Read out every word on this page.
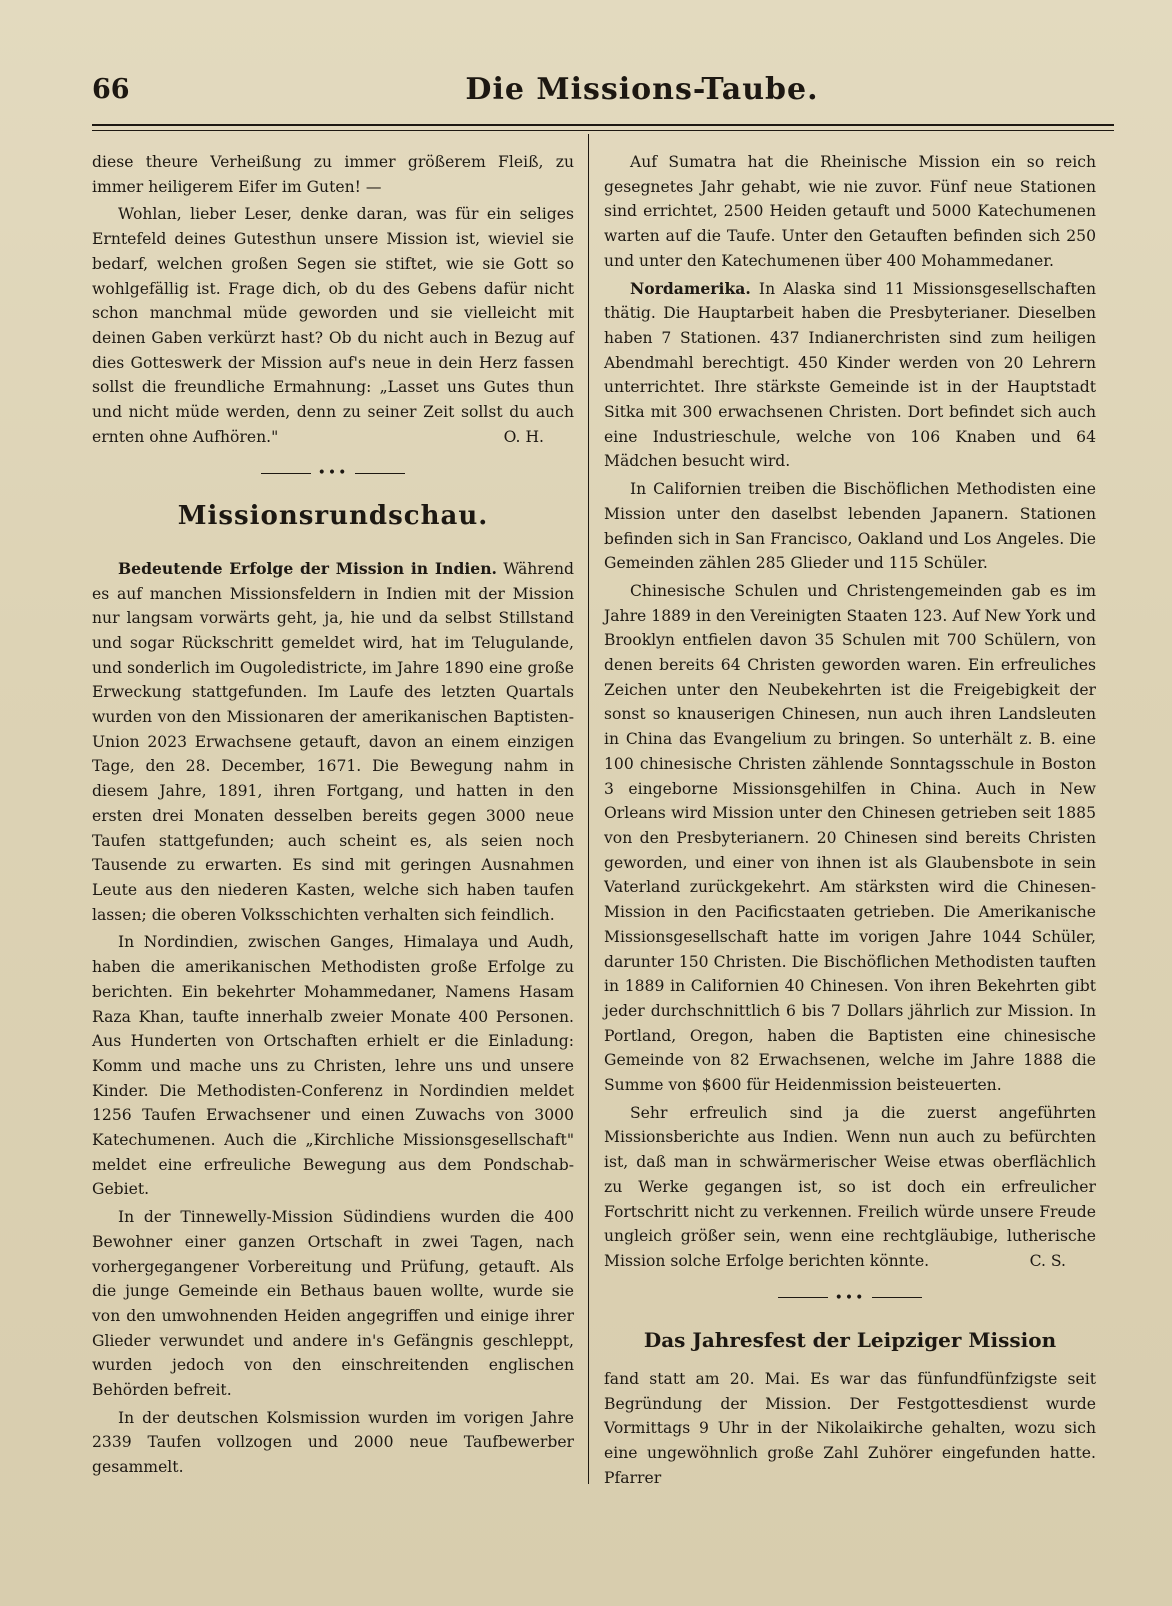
66	Die Missions-Taube.

diese theure Verheißung zu immer größerem Fleiß, zu immer heiligerem Eifer im Guten! —

Wohlan, lieber Leser, denke daran, was für ein seliges Erntefeld deines Gutesthun unsere Mission ist, wieviel sie bedarf, welchen großen Segen sie stiftet, wie sie Gott so wohlgefällig ist. Frage dich, ob du des Gebens dafür nicht schon manchmal müde geworden und sie vielleicht mit deinen Gaben verkürzt hast? Ob du nicht auch in Bezug auf dies Gotteswerk der Mission auf's neue in dein Herz fassen sollst die freundliche Ermahnung: „Lasset uns Gutes thun und nicht müde werden, denn zu seiner Zeit sollst du auch ernten ohne Aufhören."	O. H.

•••
Missionsrundschau.

Bedeutende Erfolge der Mission in Indien. Während es auf manchen Missionsfeldern in Indien mit der Mission nur langsam vorwärts geht, ja, hie und da selbst Stillstand und sogar Rückschritt gemeldet wird, hat im Telugulande, und sonderlich im Ougoledistricte, im Jahre 1890 eine große Erweckung stattgefunden. Im Laufe des letzten Quartals wurden von den Missionaren der amerikanischen Baptisten-Union 2023 Erwachsene getauft, davon an einem einzigen Tage, den 28. December, 1671. Die Bewegung nahm in diesem Jahre, 1891, ihren Fortgang, und hatten in den ersten drei Monaten desselben bereits gegen 3000 neue Taufen stattgefunden; auch scheint es, als seien noch Tausende zu erwarten. Es sind mit geringen Ausnahmen Leute aus den niederen Kasten, welche sich haben taufen lassen; die oberen Volksschichten verhalten sich feindlich.

In Nordindien, zwischen Ganges, Himalaya und Audh, haben die amerikanischen Methodisten große Erfolge zu berichten. Ein bekehrter Mohammedaner, Namens Hasam Raza Khan, taufte innerhalb zweier Monate 400 Personen. Aus Hunderten von Ortschaften erhielt er die Einladung: Komm und mache uns zu Christen, lehre uns und unsere Kinder. Die Methodisten-Conferenz in Nordindien meldet 1256 Taufen Erwachsener und einen Zuwachs von 3000 Katechumenen. Auch die „Kirchliche Missionsgesellschaft" meldet eine erfreuliche Bewegung aus dem Pondschab-Gebiet.

In der Tinnewelly-Mission Südindiens wurden die 400 Bewohner einer ganzen Ortschaft in zwei Tagen, nach vorhergegangener Vorbereitung und Prüfung, getauft. Als die junge Gemeinde ein Bethaus bauen wollte, wurde sie von den umwohnenden Heiden angegriffen und einige ihrer Glieder verwundet und andere in's Gefängnis geschleppt, wurden jedoch von den einschreitenden englischen Behörden befreit.

In der deutschen Kolsmission wurden im vorigen Jahre 2339 Taufen vollzogen und 2000 neue Taufbewerber gesammelt.

Auf Sumatra hat die Rheinische Mission ein so reich gesegnetes Jahr gehabt, wie nie zuvor. Fünf neue Stationen sind errichtet, 2500 Heiden getauft und 5000 Katechumenen warten auf die Taufe. Unter den Getauften befinden sich 250 und unter den Katechumenen über 400 Mohammedaner.

Nordamerika. In Alaska sind 11 Missionsgesellschaften thätig. Die Hauptarbeit haben die Presbyterianer. Dieselben haben 7 Stationen. 437 Indianerchristen sind zum heiligen Abendmahl berechtigt. 450 Kinder werden von 20 Lehrern unterrichtet. Ihre stärkste Gemeinde ist in der Hauptstadt Sitka mit 300 erwachsenen Christen. Dort befindet sich auch eine Industrieschule, welche von 106 Knaben und 64 Mädchen besucht wird.

In Californien treiben die Bischöflichen Methodisten eine Mission unter den daselbst lebenden Japanern. Stationen befinden sich in San Francisco, Oakland und Los Angeles. Die Gemeinden zählen 285 Glieder und 115 Schüler.

Chinesische Schulen und Christengemeinden gab es im Jahre 1889 in den Vereinigten Staaten 123. Auf New York und Brooklyn entfielen davon 35 Schulen mit 700 Schülern, von denen bereits 64 Christen geworden waren. Ein erfreuliches Zeichen unter den Neubekehrten ist die Freigebigkeit der sonst so knauserigen Chinesen, nun auch ihren Landsleuten in China das Evangelium zu bringen. So unterhält z. B. eine 100 chinesische Christen zählende Sonntagsschule in Boston 3 eingeborne Missionsgehilfen in China. Auch in New Orleans wird Mission unter den Chinesen getrieben seit 1885 von den Presbyterianern. 20 Chinesen sind bereits Christen geworden, und einer von ihnen ist als Glaubensbote in sein Vaterland zurückgekehrt. Am stärksten wird die Chinesen-Mission in den Pacificstaaten getrieben. Die Amerikanische Missionsgesellschaft hatte im vorigen Jahre 1044 Schüler, darunter 150 Christen. Die Bischöflichen Methodisten tauften in 1889 in Californien 40 Chinesen. Von ihren Bekehrten gibt jeder durchschnittlich 6 bis 7 Dollars jährlich zur Mission. In Portland, Oregon, haben die Baptisten eine chinesische Gemeinde von 82 Erwachsenen, welche im Jahre 1888 die Summe von $600 für Heidenmission beisteuerten.

Sehr erfreulich sind ja die zuerst angeführten Missionsberichte aus Indien. Wenn nun auch zu befürchten ist, daß man in schwärmerischer Weise etwas oberflächlich zu Werke gegangen ist, so ist doch ein erfreulicher Fortschritt nicht zu verkennen. Freilich würde unsere Freude ungleich größer sein, wenn eine rechtgläubige, lutherische Mission solche Erfolge berichten könnte.	C. S.

•••
Das Jahresfest der Leipziger Mission

fand statt am 20. Mai. Es war das fünfundfünfzigste seit Begründung der Mission. Der Festgottesdienst wurde Vormittags 9 Uhr in der Nikolaikirche gehalten, wozu sich eine ungewöhnlich große Zahl Zuhörer eingefunden hatte. Pfarrer
